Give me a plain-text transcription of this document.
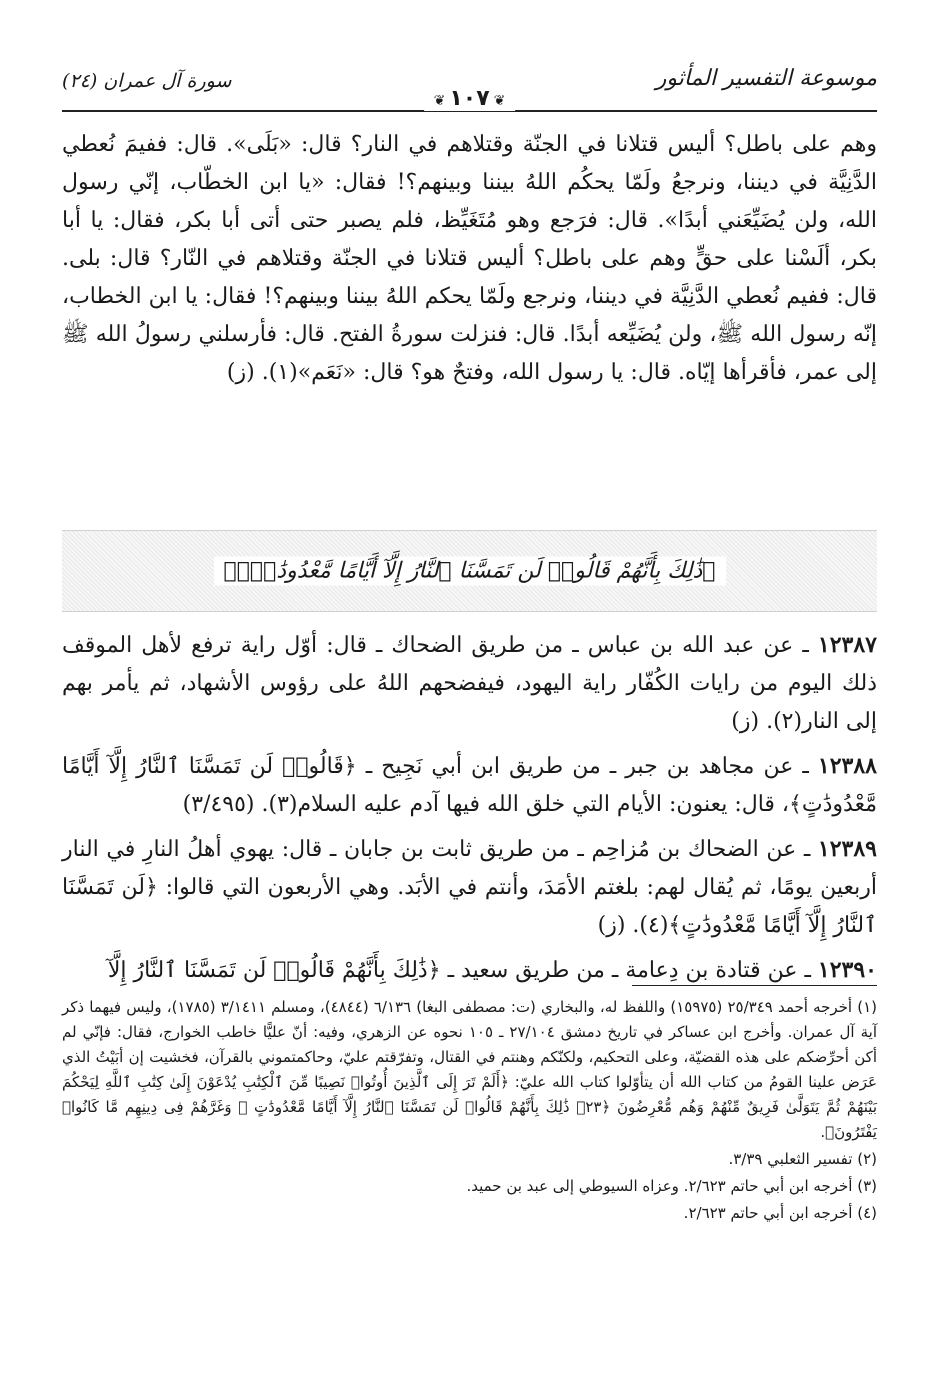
موسوعة التفسير المأثور
❦١٠٧❦
سورة آل عمران (٢٤)

وهم على باطل؟ أليس قتلانا في الجنّة وقتلاهم في النار؟ قال: «بَلَى». قال: ففيمَ نُعطي الدَّنِيَّة في ديننا، ونرجعُ ولَمّا يحكُم اللهُ بيننا وبينهم؟! فقال: «يا ابن الخطّاب، إنّي رسول الله، ولن يُضَيِّعَني أبدًا». قال: فرَجع وهو مُتَغَيِّظ، فلم يصبر حتى أتى أبا بكر، فقال: يا أبا بكر، ألَسْنا على حقٍّ وهم على باطل؟ أليس قتلانا في الجنّة وقتلاهم في النّار؟ قال: بلى. قال: ففيم نُعطي الدَّنِيَّة في ديننا، ونرجع ولَمّا يحكم اللهُ بيننا وبينهم؟! فقال: يا ابن الخطاب، إنّه رسول الله ﷺ، ولن يُضَيِّعه أبدًا. قال: فنزلت سورةُ الفتح. قال: فأرسلني رسولُ الله ﷺ إلى عمر، فأقرأها إيّاه. قال: يا رسول الله، وفتحٌ هو؟ قال: «نَعَم»(١). (ز)

﴿ذَٰلِكَ بِأَنَّهُمْ قَالُوا۟ لَن تَمَسَّنَا ٱلنَّارُ إِلَّآ أَيَّامًا مَّعْدُودَٰتٍۖ﴾

١٢٣٨٧ ـ عن عبد الله بن عباس ـ من طريق الضحاك ـ قال: أوّل راية ترفع لأهل الموقف ذلك اليوم من رايات الكُفّار راية اليهود، فيفضحهم اللهُ على رؤوس الأشهاد، ثم يأمر بهم إلى النار(٢). (ز)

١٢٣٨٨ ـ عن مجاهد بن جبر ـ من طريق ابن أبي نَجِيح ـ ﴿قَالُوا۟ لَن تَمَسَّنَا ٱلنَّارُ إِلَّآ أَيَّامًا مَّعْدُودَٰتٍ﴾، قال: يعنون: الأيام التي خلق الله فيها آدم عليه السلام(٣). (٣/٤٩٥)

١٢٣٨٩ ـ عن الضحاك بن مُزاحِم ـ من طريق ثابت بن جابان ـ قال: يهوي أهلُ النارِ في النار أربعين يومًا، ثم يُقال لهم: بلغتم الأمَدَ، وأنتم في الأبَد. وهي الأربعون التي قالوا: ﴿لَن تَمَسَّنَا ٱلنَّارُ إِلَّآ أَيَّامًا مَّعْدُودَٰتٍ﴾(٤). (ز)

١٢٣٩٠ ـ عن قتادة بن دِعامة ـ من طريق سعيد ـ ﴿ذَٰلِكَ بِأَنَّهُمْ قَالُوا۟ لَن تَمَسَّنَا ٱلنَّارُ إِلَّآ

(١) أخرجه أحمد ٢٥/٣٤٩ (١٥٩٧٥) واللفظ له، والبخاري (ت: مصطفى البغا) ٦/١٣٦ (٤٨٤٤)، ومسلم ٣/١٤١١ (١٧٨٥)، وليس فيهما ذكر آية آل عمران. وأخرج ابن عساكر في تاريخ دمشق ٢٧/١٠٤ ـ ١٠٥ نحوه عن الزهري، وفيه: أنّ عليًّا خاطب الخوارج، فقال: فإنّي لم أكن أحرِّضكم على هذه القضيّة، وعلى التحكيم، ولكنّكم وهنتم في القتال، وتفرّقتم عليّ، وحاكمتموني بالقرآن، فخشيت إن أبَيْتُ الذي عَرَض علينا القومُ من كتاب الله أن يتأوّلوا كتاب الله عليّ: ﴿أَلَمْ تَرَ إِلَى ٱلَّذِينَ أُوتُوا۟ نَصِيبًا مِّنَ ٱلْكِتَٰبِ يُدْعَوْنَ إِلَىٰ كِتَٰبِ ٱللَّهِ لِيَحْكُمَ بَيْنَهُمْ ثُمَّ يَتَوَلَّىٰ فَرِيقٌ مِّنْهُمْ وَهُم مُّعْرِضُونَ ﴿٢٣﴾ ذَٰلِكَ بِأَنَّهُمْ قَالُوا۟ لَن تَمَسَّنَا ٱلنَّارُ إِلَّآ أَيَّامًا مَّعْدُودَٰتٍ ۖ وَغَرَّهُمْ فِى دِينِهِم مَّا كَانُوا۟ يَفْتَرُونَ﴾.

(٢) تفسير الثعلبي ٣/٣٩.

(٣) أخرجه ابن أبي حاتم ٢/٦٢٣. وعزاه السيوطي إلى عبد بن حميد.

(٤) أخرجه ابن أبي حاتم ٢/٦٢٣.
